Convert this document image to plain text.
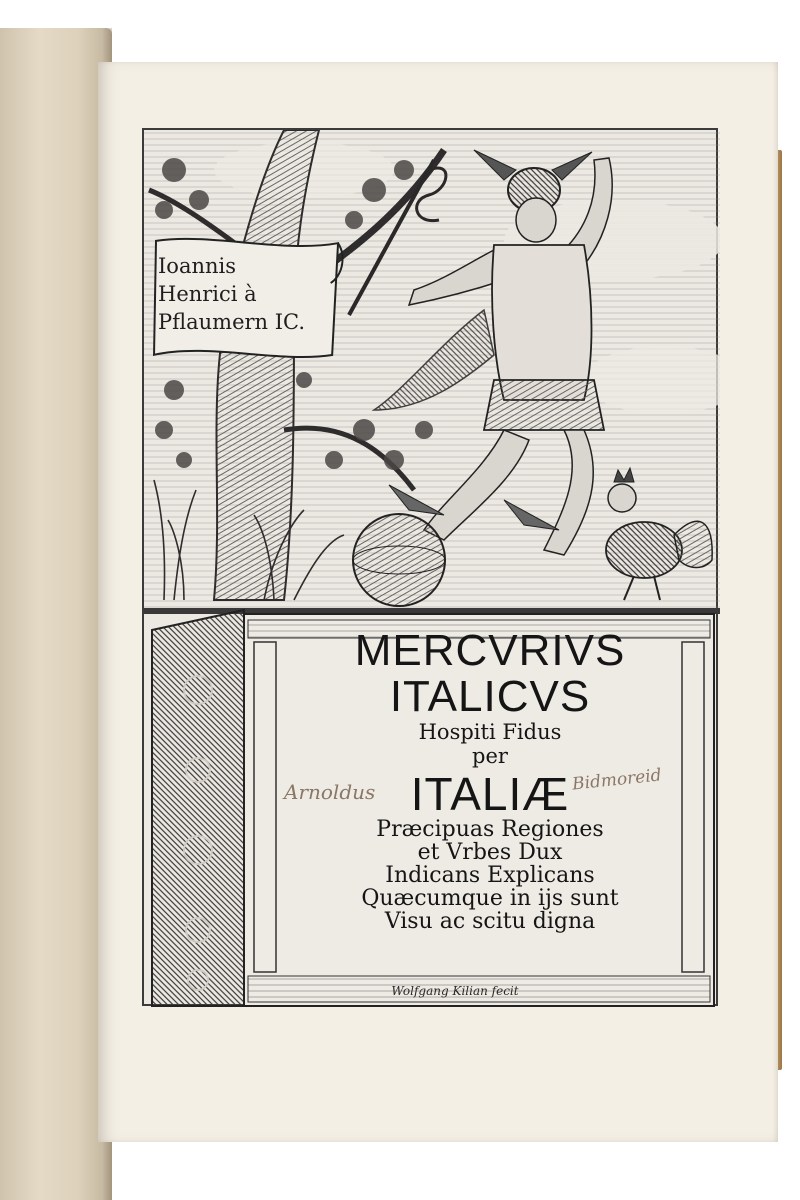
Ioannis
Henrici à
Pflaumern IC.
MERCVRIVS
ITALICVS
Hospiti Fidus
per
ITALIÆ
Præcipuas Regiones
et Vrbes Dux
Indicans Explicans
Quæcumque in ijs sunt
Visu ac scitu digna
Arnoldus	Bidmoreid
Wolfgang Kilian fecit
